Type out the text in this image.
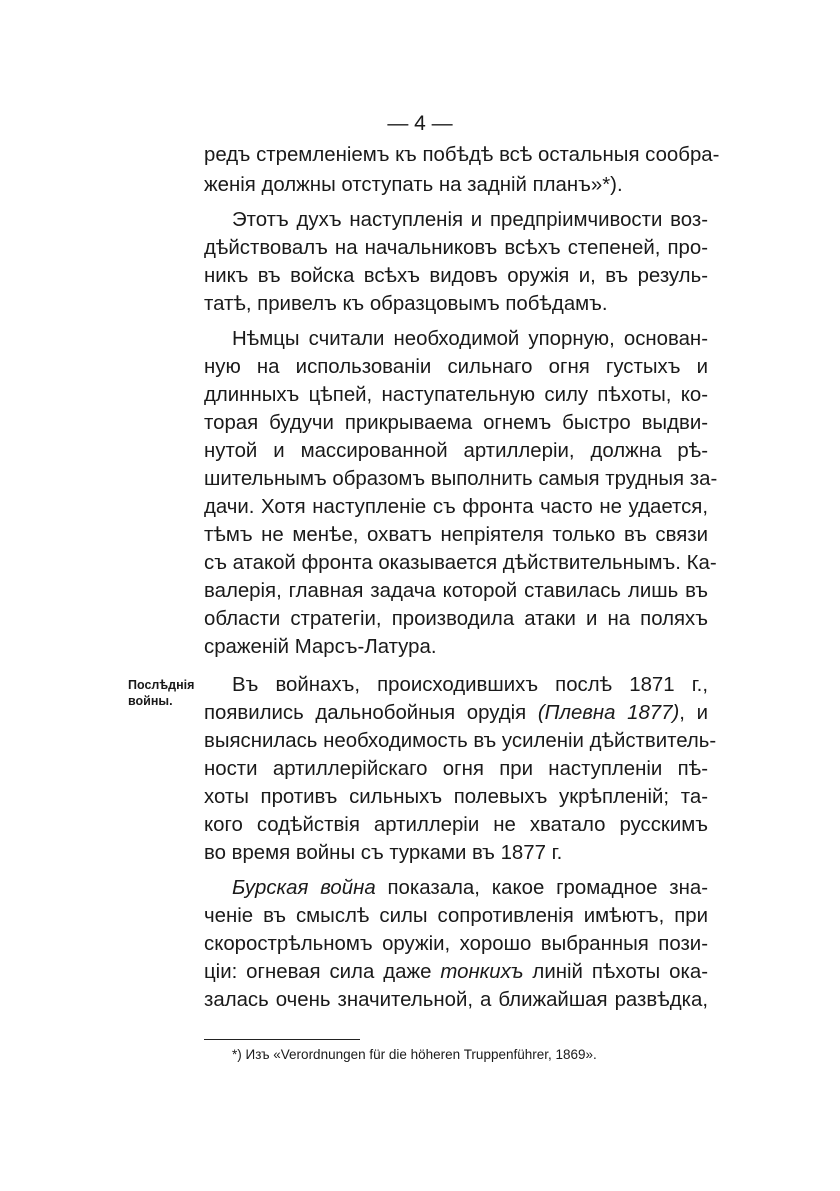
— 4 —
редъ стремленіемъ къ побѣдѣ всѣ остальныя сообра-
женія должны отступать на задній планъ»*).
Этотъ духъ наступленія и предпріимчивости воз-
дѣйствовалъ на начальниковъ всѣхъ степеней, про-
никъ въ войска всѣхъ видовъ оружія и, въ резуль-
татѣ, привелъ къ образцовымъ побѣдамъ.
Нѣмцы считали необходимой упорную, основан-
ную на использованіи сильнаго огня густыхъ и
длинныхъ цѣпей, наступательную силу пѣхоты, ко-
торая будучи прикрываема огнемъ быстро выдви-
нутой и массированной артиллеріи, должна рѣ-
шительнымъ образомъ выполнить самыя трудныя за-
дачи. Хотя наступленіе съ фронта часто не удается,
тѣмъ не менѣе, охватъ непріятеля только въ связи
съ атакой фронта оказывается дѣйствительнымъ. Ка-
валерія, главная задача которой ставилась лишь въ
области стратегіи, производила атаки и на поляхъ
сраженій Марсъ-Латура.
Послѣднія
войны.
Въ войнахъ, происходившихъ послѣ 1871 г.,
появились дальнобойныя орудія (Плевна 1877), и
выяснилась необходимость въ усиленіи дѣйствитель-
ности артиллерійскаго огня при наступленіи пѣ-
хоты противъ сильныхъ полевыхъ укрѣпленій; та-
кого содѣйствія артиллеріи не хватало русскимъ
во время войны съ турками въ 1877 г.
Бурская война показала, какое громадное зна-
ченіе въ смыслѣ силы сопротивленія имѣютъ, при
скорострѣльномъ оружіи, хорошо выбранныя пози-
ціи: огневая сила даже тонкихъ линій пѣхоты ока-
залась очень значительной, а ближайшая развѣдка,
*) Изъ «Verordnungen für die höheren Truppenführer, 1869».
